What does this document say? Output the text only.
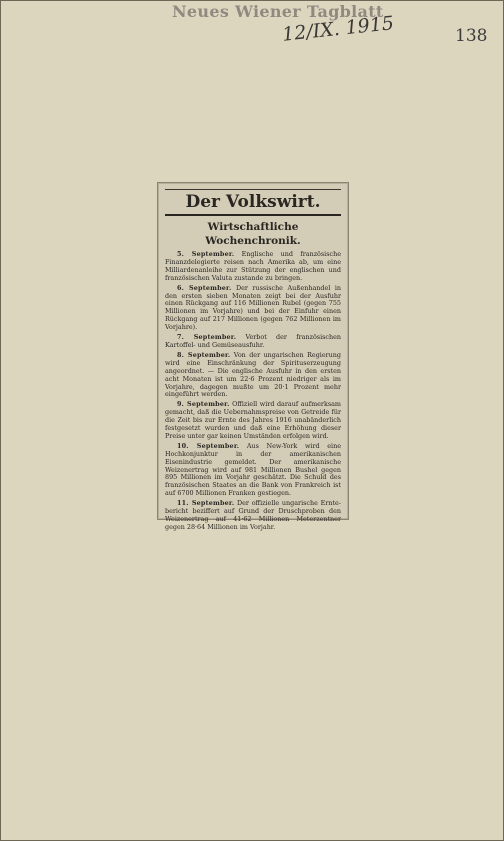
Neues Wiener Tagblatt
12/IX. 1915	138
Der Volkswirt.
Wirtschaftliche Wochenchronik.

5. September. Englische und französische Finanzdelegierte reisen nach Amerika ab, um eine Milliardenanleihe zur Stützung der englischen und französischen Valuta zustande zu bringen.

6. September. Der russische Außenhandel in den ersten sieben Monaten zeigt bei der Ausfuhr einen Rückgang auf 116 Millionen Rubel (gegen 755 Millionen im Vorjahre) und bei der Einfuhr einen Rückgang auf 217 Millionen (gegen 762 Millionen im Vorjahre).

7. September. Verbot der französischen Kartoffel- und Gemüseausfuhr.

8. September. Von der ungarischen Regierung wird eine Einschränkung der Spirituserzeugung angeordnet. — Die englische Ausfuhr in den ersten acht Monaten ist um 22·6 Prozent niedriger als im Vorjahre, dagegen mußte um 20·1 Prozent mehr eingeführt werden.

9. September. Offiziell wird darauf aufmerksam gemacht, daß die Uebernahmspreise von Getreide für die Zeit bis zur Ernte des Jahres 1916 unabänderlich festgesetzt wurden und daß eine Erhöhung dieser Preise unter gar keinen Umständen erfolgen wird.

10. September. Aus New-York wird eine Hochkonjunktur in der amerikanischen Eisenindustrie gemeldet. Der amerikanische Weizenertrag wird auf 981 Millionen Bushel gegen 895 Millionen im Vorjahr geschätzt. Die Schuld des französischen Staates an die Bank von Frankreich ist auf 6700 Millionen Franken gestiegen.

11. September. Der offizielle ungarische Erntebericht beziffert auf Grund der Druschproben den Weizenertrag auf 41·62 Millionen Meterzentner gegen 28·64 Millionen im Vorjahr.
